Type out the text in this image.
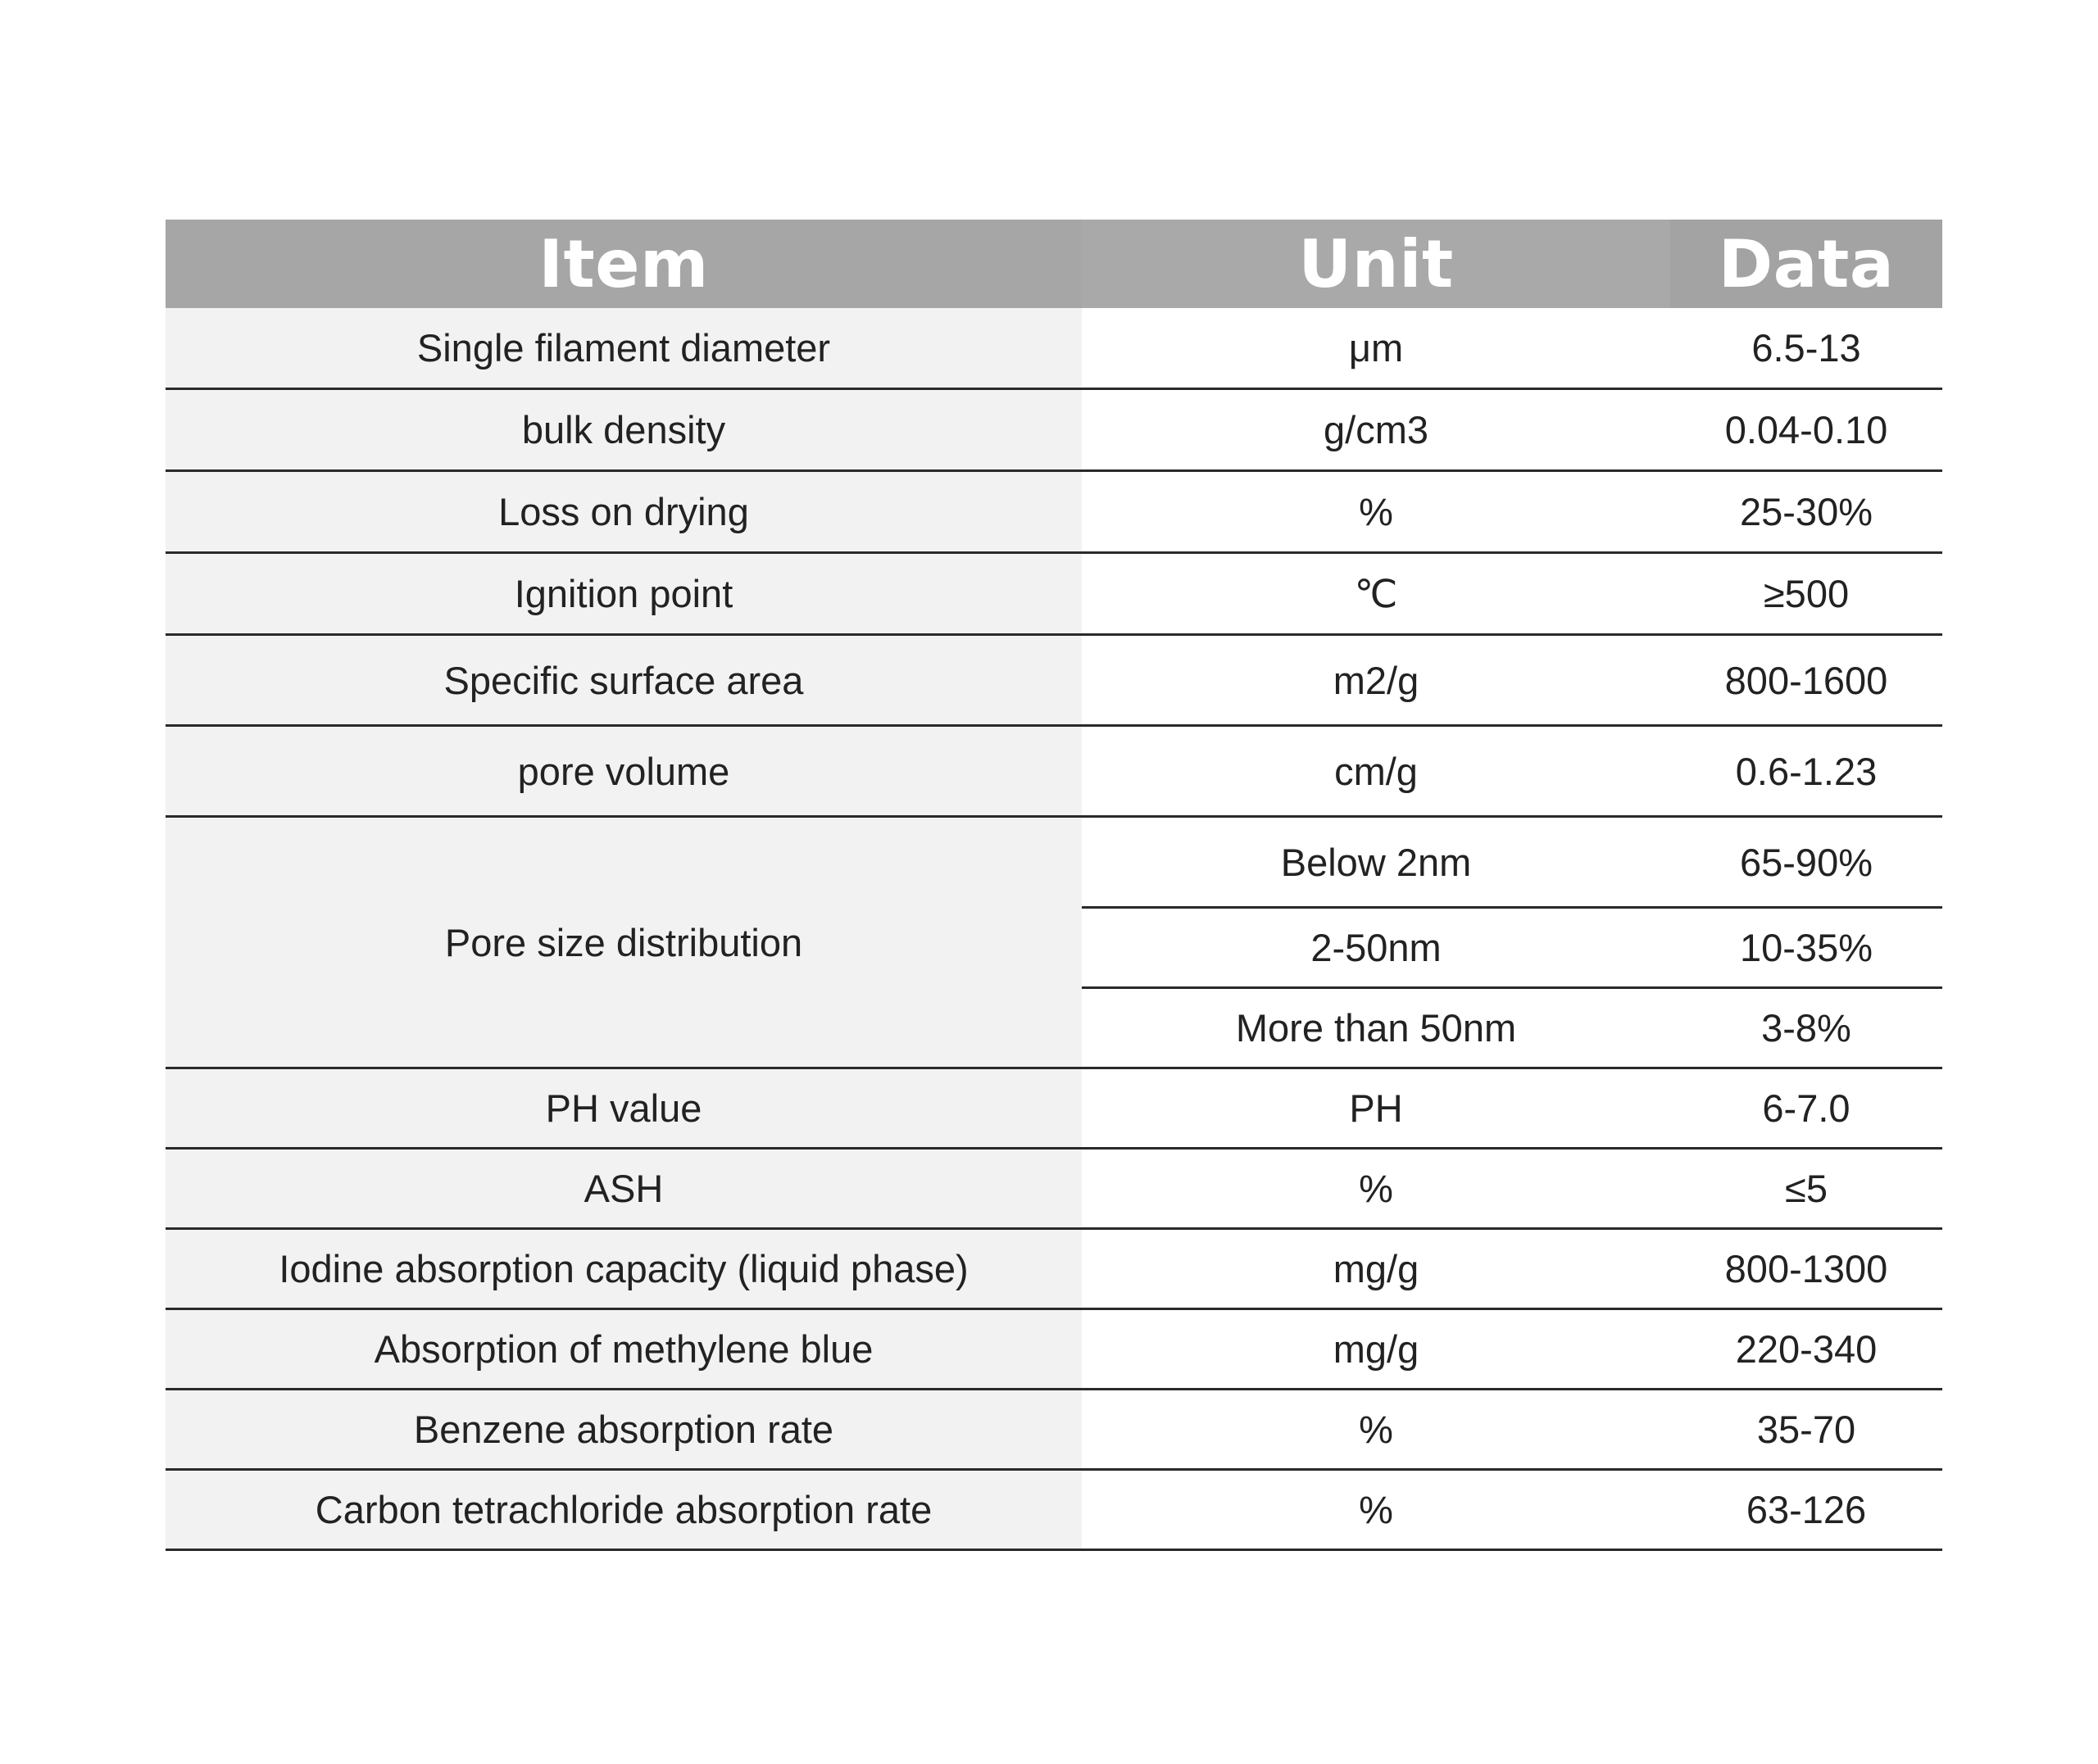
Item	Unit	Data
Single filament diameter	μm	6.5-13
bulk density	g/cm3	0.04-0.10
Loss on drying	%	25-30%
Ignition point	℃	≥500
Specific surface area	m2/g	800-1600
pore volume	cm/g	0.6-1.23
Pore size distribution	Below 2nm	65-90%
	2-50nm	10-35%
	More than 50nm	3-8%
PH value	PH	6-7.0
ASH	%	≤5
Iodine absorption capacity (liquid phase)	mg/g	800-1300
Absorption of methylene blue	mg/g	220-340
Benzene absorption rate	%	35-70
Carbon tetrachloride absorption rate	%	63-126
